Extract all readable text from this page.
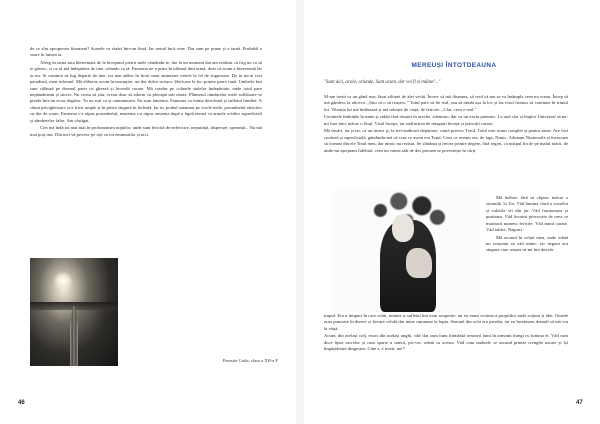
de ce sînt apropierea finomeni? Soarele va răsări într-un final. Iar trenul încă vine. Dar sunt pe punte și e iarnă. Probabil e soare în lumea ta.

Aleeg în iarna asta blestemată de la începutul pietrii mele căutându-te, dar la un moment dat am realizat că frig nu ca să te găsesc, ci ca să mă îndepărtez de tine, orlando ca tă. Fantoma ne-a prins în ultimul dint urmă, doar că acum e binevenită lăr tu nu. Si continui să fug departe de tine, tot mai adânc în fiorii unor amintiare vesele la fel de friguroase. De tu mi-ai fost paradisul, mert infernul. Mă eliberez acum în nesimțire, un dor dulce-acrișor. Șleficase le loc printre pasre rană. Umbrele îmi sunt călăuză pe drumul parer cu ghează și încerdit curate. Mă condur pe colinele stelelor îndepărtate, unde totul pare nepământean și sincer. Nu vreau să știu, vreau doar să adorm cu pleoapă sub obraz. Plânsetul rămâștelor mele suflătoare se pierde într-un ecou târgător. Tu nu ești cu și cumuuuurtu. Eu sunt fantoma. Fantoma cu inima dezolvată și sufletul fundări. A cânui privighetoare și-a fricit umple și în pietre singură în fiefeală. Iar tu, prahul aatamun pe viscle mele, porumbelul rătăcitor cu dor de soare. Fantoma s-a răpus porumbelul, neuterna s-a răpus armenia după o luptă eternă cu armele ochilor superficiali și zâmbetelor false. Am câștigat.

Ciei mă îndă tot mai mai în profunzimea nopților, unde sunt fericită de nefericire, neputință, disperare, speranță... Nu mă mai poți irni. Din nici vă privesc pe toți cu tot neumurilor și nici.

Parasite Carla, clasa a XII-a F
MEREUȘI ÎNTOTDEAUNA
"Sunt aici, acolo, oriunde. Sunt acum, dar voi fi și mâine!..."

M-am trezit ca un gând nou, lăsat ziliinei de alei vechi. Încerc să mă disteanz, să cred că mu se va întâmpla ceea nu vreau. Încep să mă gândesc la altceva. „Știu că o să reușesc." Totul pare să fie real, sau să rămâi așa la loc și las visul frumos să continue în trimul lui. Vibrația lui mă îndârează și mă trăiește de viață, de fericire. „Clar, ceva e real."

Cuvintele îmbrățăe în mine și zidăți fără răsunii în ureche, silenturo, dar cu un exetu puternic. Le aud clar și împlor Universul să nu-mi fure mici măcar o lituți. Visul începe, iar strălucirea de imaginii începe și princiții contre.

Mă învârt, iar și iar, ca un titirez și, la trei-auditorii depărtare, caută privesc Totul. Totul este acum complet și pentru mine. Are fost confuză și superficială, gândindu-mă că ceas ce avem era Totul. Ceea ce aveam era, de fapt, Nimic. Adunam Nimicurile și încercam să formez din ele Totul meu, dar nimic nu rezista. Se sfârâma și trecea printre degete, fără regret, ca nisipul fin de pe malul mării, de unde-mi așteptam fidelitul, ceea nu vanea atât de des precum se povestește în cărți.

Mă holbez, fără să clipesc măcar o secundă, la Tot. Văd lumina clară a soarelui și culorile vii din jur. Văd frumusețea și puritatea. Văd lucrimi provocate de ceea ce muritorii numesc fericire. Văd inimi curate. Văd iubire. Nagurii.

Mă ascund în colțul meu, unde odată nu reușeam să văd nimic, iar negura era singura care reușea să-mi îmi dezvăs

trupul. Era u timpuri în care ochii, mintea și sufletul îmi erau acoperite, iar eu eram victima a propriilor mele acțiuni și idei. Ouaele erau punctate în durere și fiecare celulă din mine rimunase la lupta. Semnul din ochi era pierdut, iar eu încetasem demult să mă viu la viață.

Acum, din același colț, exact din același unghi, văd clar sum lunu frământă senzorii lumi în armonii înregi cu lumina ei. Văd cum duce lipsa sacrelor și cum sparte u unerii, pic-cer, odată cu acesta. Văd cum umbrele se ascund printre crenglie uscate și își împăștăiește dingestea. Cine e, e trezit, nu!?

46	47
